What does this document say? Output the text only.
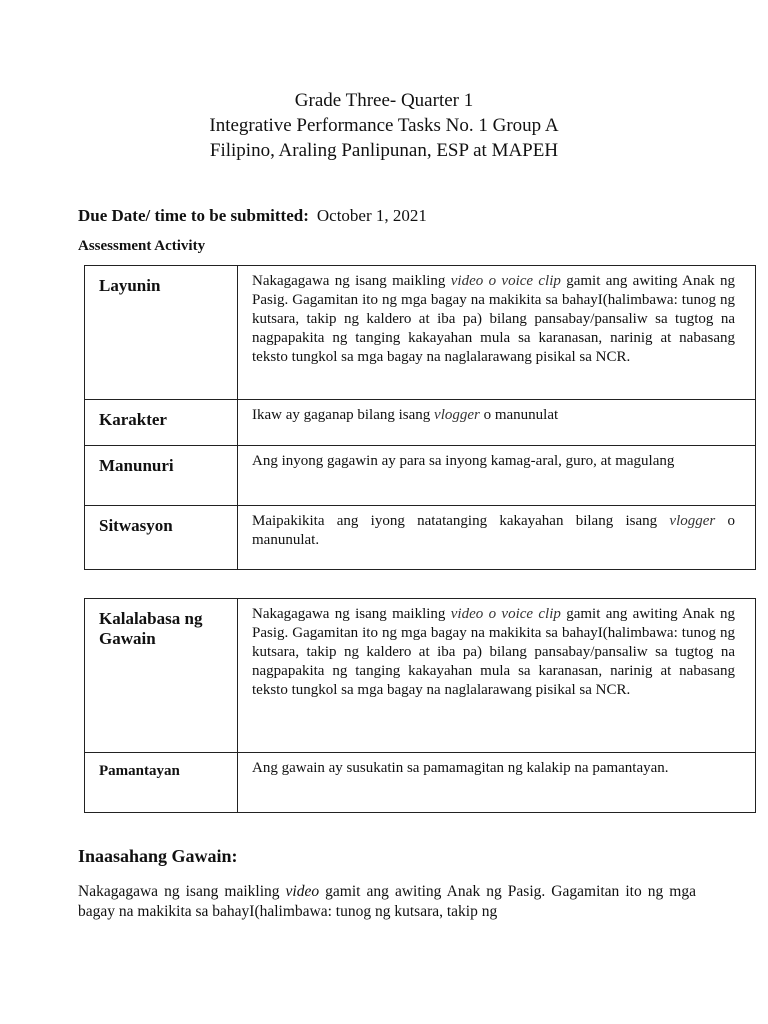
Grade Three- Quarter 1
Integrative Performance Tasks No. 1 Group A
Filipino, Araling Panlipunan, ESP at MAPEH
Due Date/ time to be submitted: October 1, 2021
Assessment Activity
Layunin	Nakagagawa ng isang maikling video o voice clip gamit ang awiting Anak ng Pasig. Gagamitan ito ng mga bagay na makikita sa bahayI(halimbawa: tunog ng kutsara, takip ng kaldero at iba pa) bilang pansabay/pansaliw sa tugtog na nagpapakita ng tanging kakayahan mula sa karanasan, narinig at nabasang teksto tungkol sa mga bagay na naglalarawang pisikal sa NCR.
Karakter	Ikaw ay gaganap bilang isang vlogger o manunulat
Manunuri	Ang inyong gagawin ay para sa inyong kamag-aral, guro, at magulang
Sitwasyon	Maipakikita ang iyong natatanging kakayahan bilang isang vlogger o manunulat.
Kalalabasa ng Gawain	Nakagagawa ng isang maikling video o voice clip gamit ang awiting Anak ng Pasig. Gagamitan ito ng mga bagay na makikita sa bahayI(halimbawa: tunog ng kutsara, takip ng kaldero at iba pa) bilang pansabay/pansaliw sa tugtog na nagpapakita ng tanging kakayahan mula sa karanasan, narinig at nabasang teksto tungkol sa mga bagay na naglalarawang pisikal sa NCR.
Pamantayan	Ang gawain ay susukatin sa pamamagitan ng kalakip na pamantayan.
Inaasahang Gawain:
Nakagagawa ng isang maikling video gamit ang awiting Anak ng Pasig. Gagamitan ito ng mga bagay na makikita sa bahayI(halimbawa: tunog ng kutsara, takip ng
